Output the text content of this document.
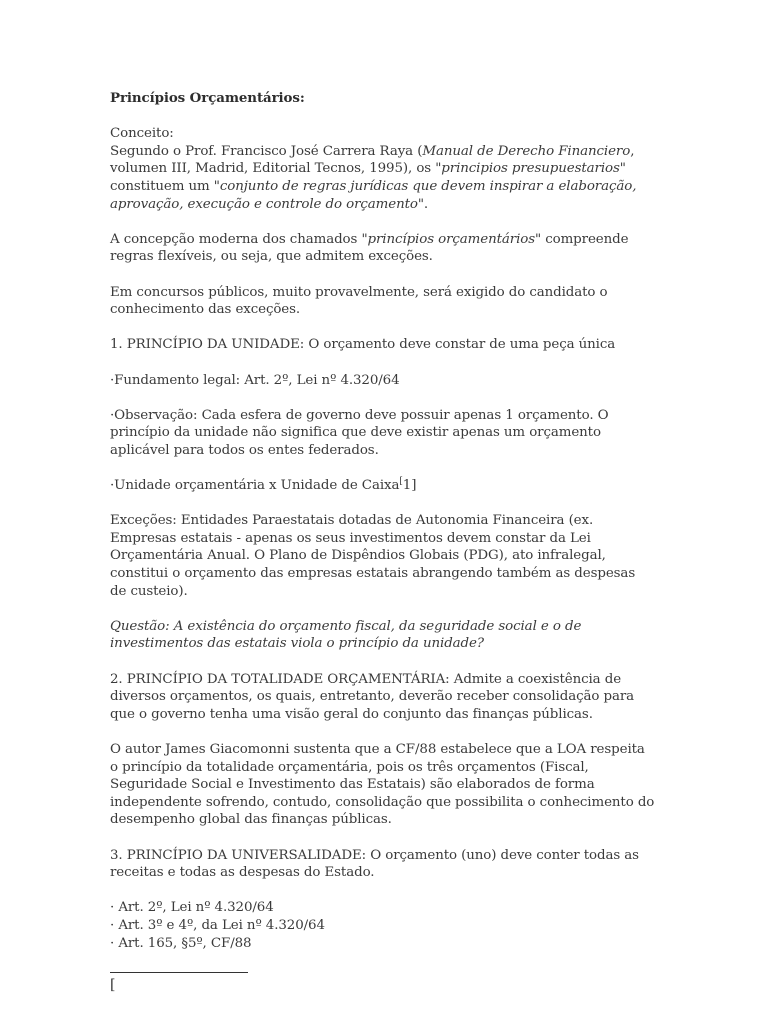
Princípios Orçamentários:

Conceito:
Segundo o Prof. Francisco José Carrera Raya (Manual de Derecho Financiero, volumen III, Madrid, Editorial Tecnos, 1995), os "principios presupuestarios" constituem um "conjunto de regras jurídicas que devem inspirar a elaboração, aprovação, execução e controle do orçamento".

A concepção moderna dos chamados "princípios orçamentários" compreende regras flexíveis, ou seja, que admitem exceções.

Em concursos públicos, muito provavelmente, será exigido do candidato o conhecimento das exceções.

1. PRINCÍPIO DA UNIDADE: O orçamento deve constar de uma peça única

·Fundamento legal: Art. 2º, Lei nº 4.320/64

·Observação: Cada esfera de governo deve possuir apenas 1 orçamento. O princípio da unidade não significa que deve existir apenas um orçamento aplicável para todos os entes federados.

·Unidade orçamentária x Unidade de Caixa[1]

Exceções: Entidades Paraestatais dotadas de Autonomia Financeira (ex. Empresas estatais - apenas os seus investimentos devem constar da Lei Orçamentária Anual. O Plano de Dispêndios Globais (PDG), ato infralegal, constitui o orçamento das empresas estatais abrangendo também as despesas de custeio).

Questão: A existência do orçamento fiscal, da seguridade social e o de investimentos das estatais viola o princípio da unidade?

2. PRINCÍPIO DA TOTALIDADE ORÇAMENTÁRIA: Admite a coexistência de diversos orçamentos, os quais, entretanto, deverão receber consolidação para que o governo tenha uma visão geral do conjunto das finanças públicas.

O autor James Giacomonni sustenta que a CF/88 estabelece que a LOA respeita o princípio da totalidade orçamentária, pois os três orçamentos (Fiscal, Seguridade Social e Investimento das Estatais) são elaborados de forma independente sofrendo, contudo, consolidação que possibilita o conhecimento do desempenho global das finanças públicas.

3. PRINCÍPIO DA UNIVERSALIDADE: O orçamento (uno) deve conter todas as receitas e todas as despesas do Estado.

· Art. 2º, Lei nº 4.320/64

· Art. 3º e 4º, da Lei nº 4.320/64

· Art. 165, §5º, CF/88

[
